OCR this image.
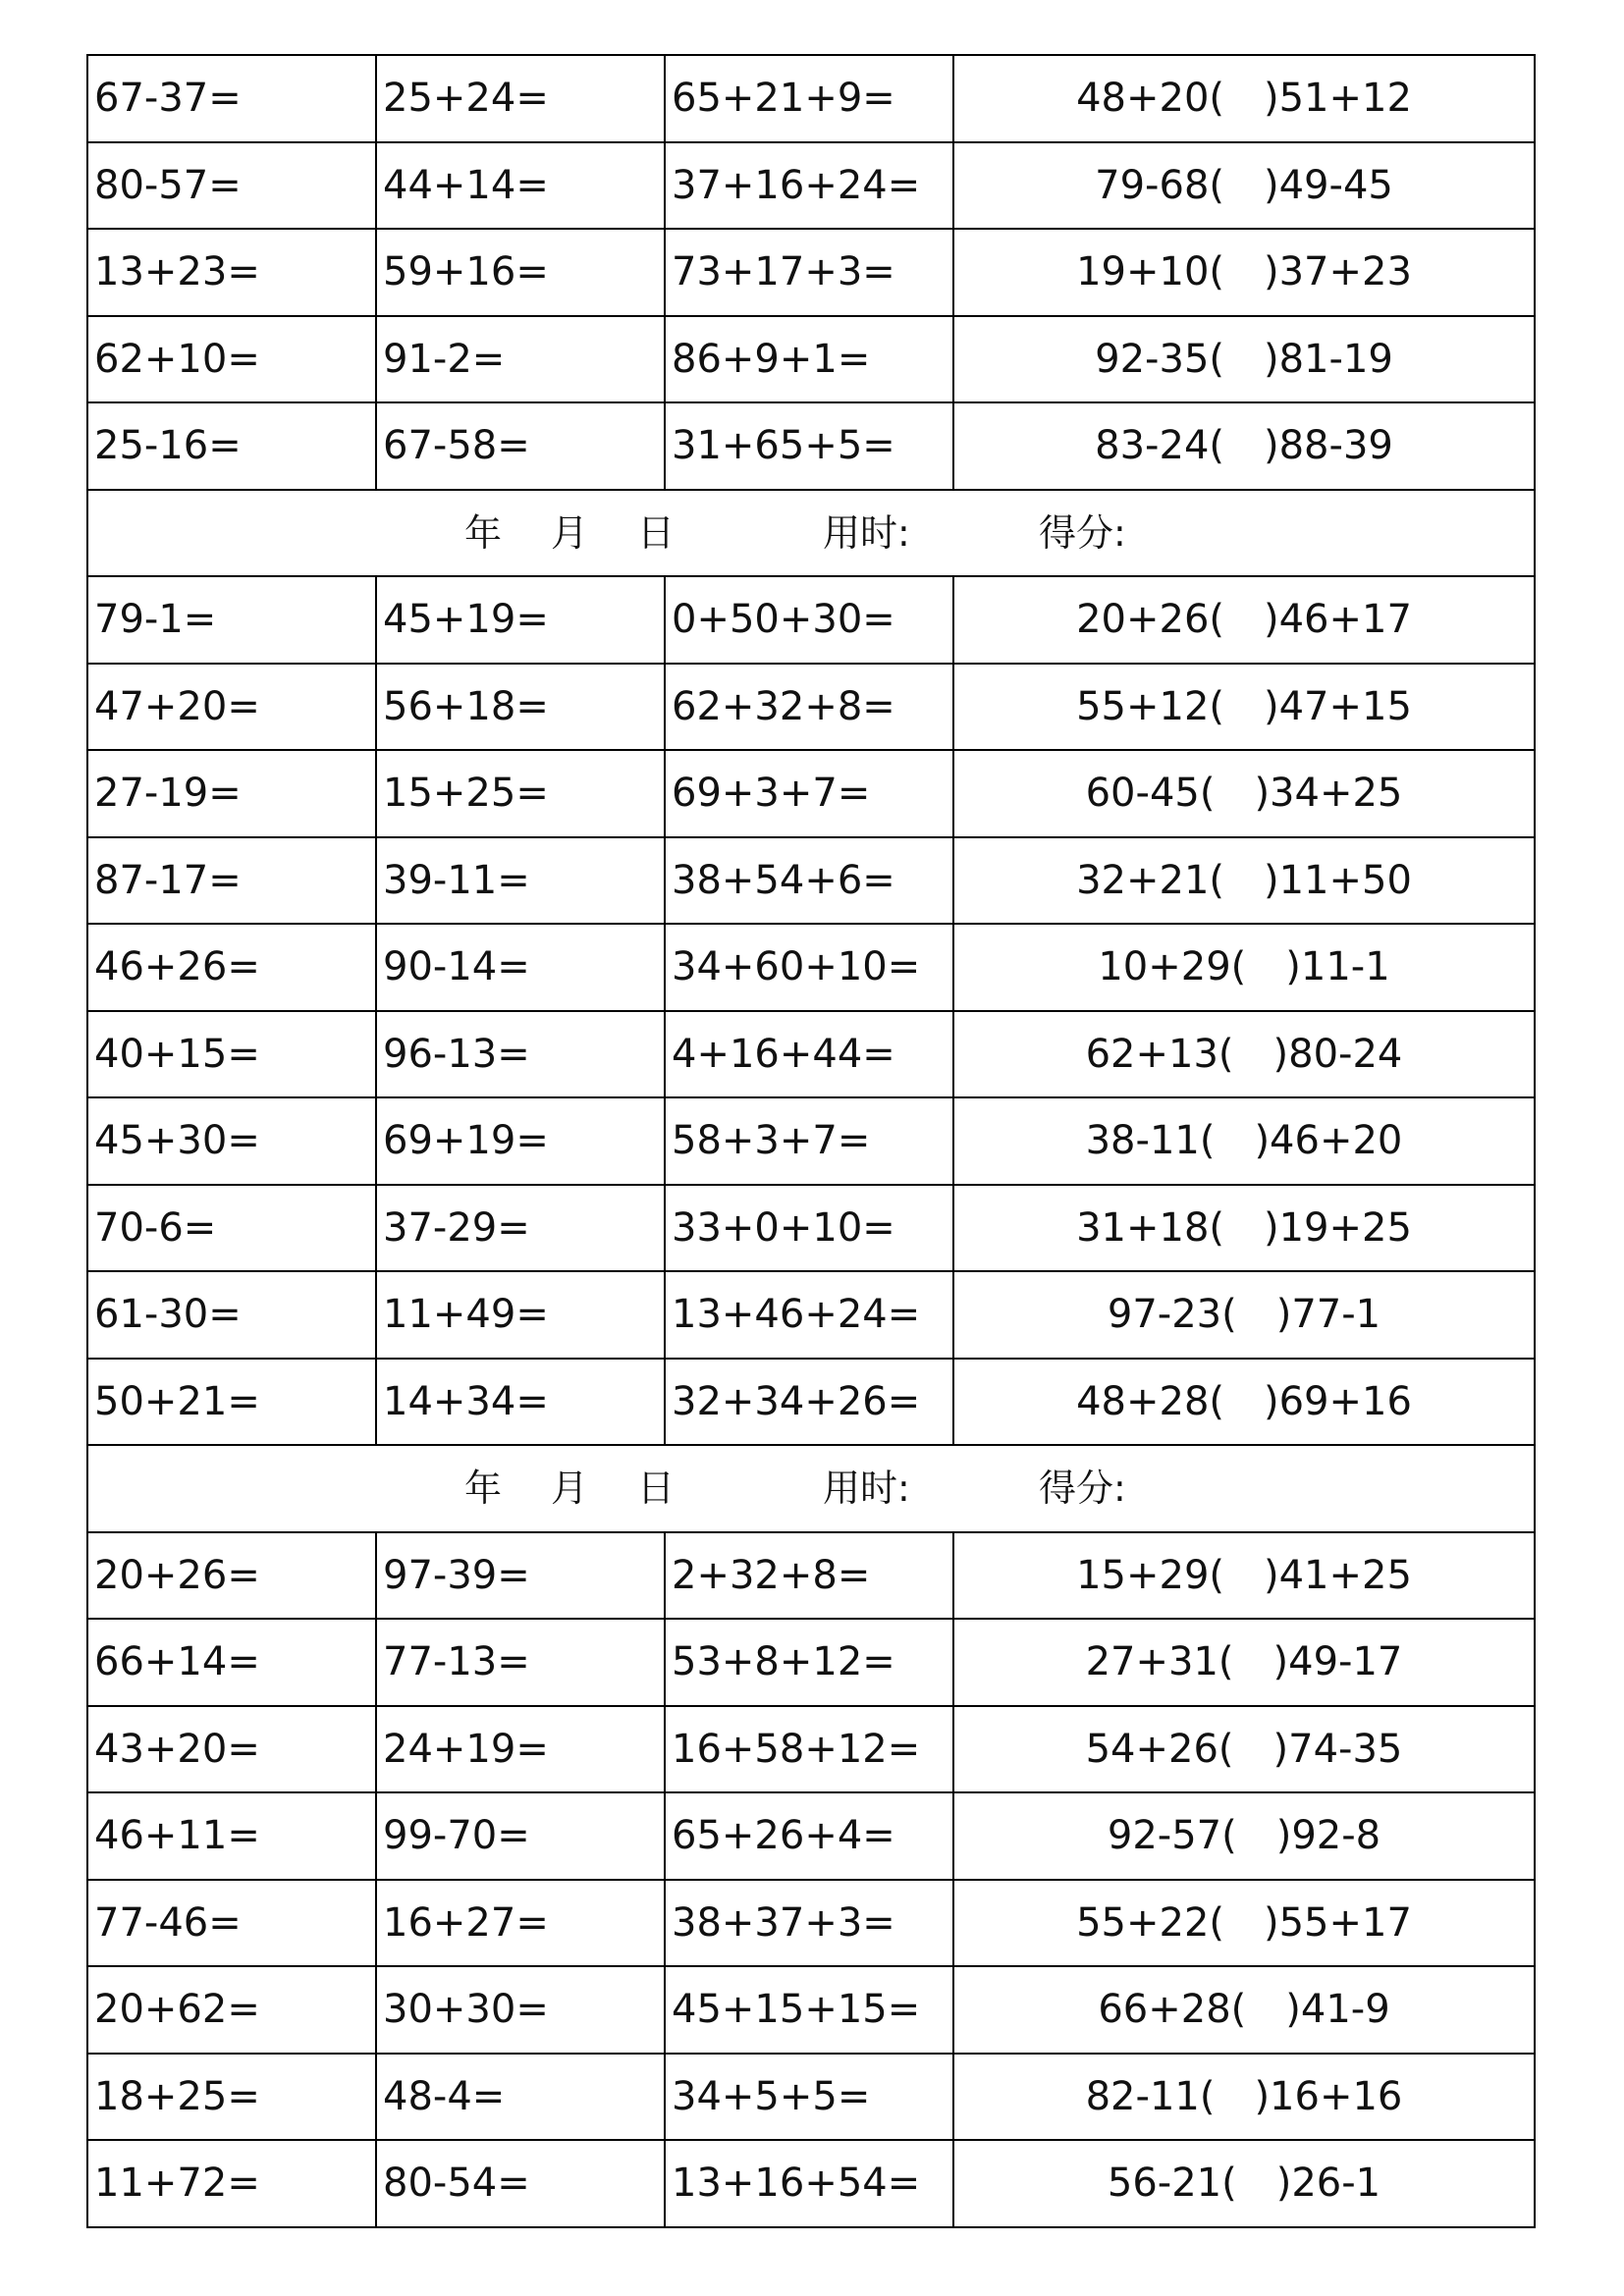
67-37=	25+24=	65+21+9=	48+20( )51+12
80-57=	44+14=	37+16+24=	79-68( )49-45
13+23=	59+16=	73+17+3=	19+10( )37+23
62+10=	91-2=	86+9+1=	92-35( )81-19
25-16=	67-58=	31+65+5=	83-24( )88-39

年 月 日 用时: 得分:			

79-1=	45+19=	0+50+30=	20+26( )46+17
47+20=	56+18=	62+32+8=	55+12( )47+15
27-19=	15+25=	69+3+7=	60-45( )34+25
87-17=	39-11=	38+54+6=	32+21( )11+50
46+26=	90-14=	34+60+10=	10+29( )11-1
40+15=	96-13=	4+16+44=	62+13( )80-24
45+30=	69+19=	58+3+7=	38-11( )46+20
70-6=	37-29=	33+0+10=	31+18( )19+25
61-30=	11+49=	13+46+24=	97-23( )77-1
50+21=	14+34=	32+34+26=	48+28( )69+16

年 月 日 用时: 得分:			

20+26=	97-39=	2+32+8=	15+29( )41+25
66+14=	77-13=	53+8+12=	27+31( )49-17
43+20=	24+19=	16+58+12=	54+26( )74-35
46+11=	99-70=	65+26+4=	92-57( )92-8
77-46=	16+27=	38+37+3=	55+22( )55+17
20+62=	30+30=	45+15+15=	66+28( )41-9
18+25=	48-4=	34+5+5=	82-11( )16+16
11+72=	80-54=	13+16+54=	56-21( )26-1
